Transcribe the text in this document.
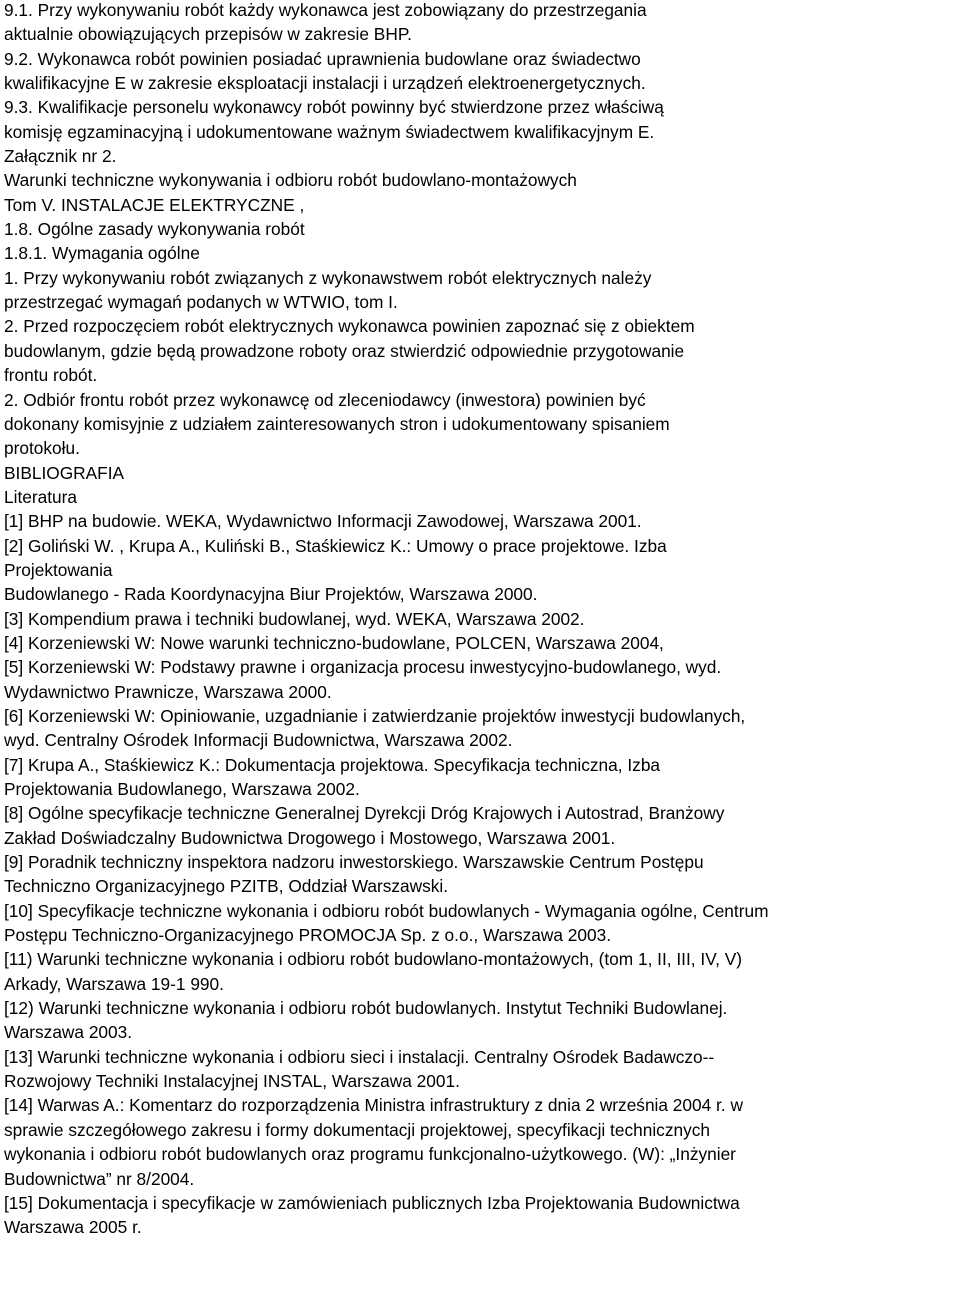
9.1. Przy wykonywaniu robót każdy wykonawca jest zobowiązany do przestrzegania
aktualnie obowiązujących przepisów w zakresie BHP.
9.2. Wykonawca robót powinien posiadać uprawnienia budowlane oraz świadectwo
kwalifikacyjne E w zakresie eksploatacji instalacji i urządzeń elektroenergetycznych.
9.3. Kwalifikacje personelu wykonawcy robót powinny być stwierdzone przez właściwą
komisję egzaminacyjną i udokumentowane ważnym świadectwem kwalifikacyjnym E.
Załącznik nr 2.
Warunki techniczne wykonywania i odbioru robót budowlano-montażowych
Tom V. INSTALACJE ELEKTRYCZNE ,
1.8. Ogólne zasady wykonywania robót
1.8.1. Wymagania ogólne
1. Przy wykonywaniu robót związanych z wykonawstwem robót elektrycznych należy
przestrzegać wymagań podanych w WTWIO, tom I.
2. Przed rozpoczęciem robót elektrycznych wykonawca powinien zapoznać się z obiektem
budowlanym, gdzie będą prowadzone roboty oraz stwierdzić odpowiednie przygotowanie
frontu robót.
2. Odbiór frontu robót przez wykonawcę od zleceniodawcy (inwestora) powinien być
dokonany komisyjnie z udziałem zainteresowanych stron i udokumentowany spisaniem
protokołu.
BIBLIOGRAFIA
Literatura
[1] BHP na budowie. WEKA, Wydawnictwo Informacji Zawodowej, Warszawa 2001.
[2] Goliński W. , Krupa A., Kuliński B., Staśkiewicz K.: Umowy o prace projektowe. Izba
Projektowania
Budowlanego - Rada Koordynacyjna Biur Projektów, Warszawa 2000.
[3] Kompendium prawa i techniki budowlanej, wyd. WEKA, Warszawa 2002.
[4] Korzeniewski W: Nowe warunki techniczno-budowlane, POLCEN, Warszawa 2004,
[5] Korzeniewski W: Podstawy prawne i organizacja procesu inwestycyjno-budowlanego, wyd.
Wydawnictwo Prawnicze, Warszawa 2000.
[6] Korzeniewski W: Opiniowanie, uzgadnianie i zatwierdzanie projektów inwestycji budowlanych,
wyd. Centralny Ośrodek Informacji Budownictwa, Warszawa 2002.
[7] Krupa A., Staśkiewicz K.: Dokumentacja projektowa. Specyfikacja techniczna, Izba
Projektowania Budowlanego, Warszawa 2002.
[8] Ogólne specyfikacje techniczne Generalnej Dyrekcji Dróg Krajowych i Autostrad, Branżowy
Zakład Doświadczalny Budownictwa Drogowego i Mostowego, Warszawa 2001.
[9] Poradnik techniczny inspektora nadzoru inwestorskiego. Warszawskie Centrum Postępu
Techniczno Organizacyjnego PZITB, Oddział Warszawski.
[10] Specyfikacje techniczne wykonania i odbioru robót budowlanych - Wymagania ogólne, Centrum
Postępu Techniczno-Organizacyjnego PROMOCJA Sp. z o.o., Warszawa 2003.
[11) Warunki techniczne wykonania i odbioru robót budowlano-montażowych, (tom 1, II, III, IV, V)
Arkady, Warszawa 19-1 990.
[12) Warunki techniczne wykonania i odbioru robót budowlanych. Instytut Techniki Budowlanej.
Warszawa 2003.
[13] Warunki techniczne wykonania i odbioru sieci i instalacji. Centralny Ośrodek Badawczo--
Rozwojowy Techniki Instalacyjnej INSTAL, Warszawa 2001.
[14] Warwas A.: Komentarz do rozporządzenia Ministra infrastruktury z dnia 2 września 2004 r. w
sprawie szczegółowego zakresu i formy dokumentacji projektowej, specyfikacji technicznych
wykonania i odbioru robót budowlanych oraz programu funkcjonalno-użytkowego. (W): „Inżynier
Budownictwa” nr 8/2004.
[15] Dokumentacja i specyfikacje w zamówieniach publicznych Izba Projektowania Budownictwa
Warszawa 2005 r.
